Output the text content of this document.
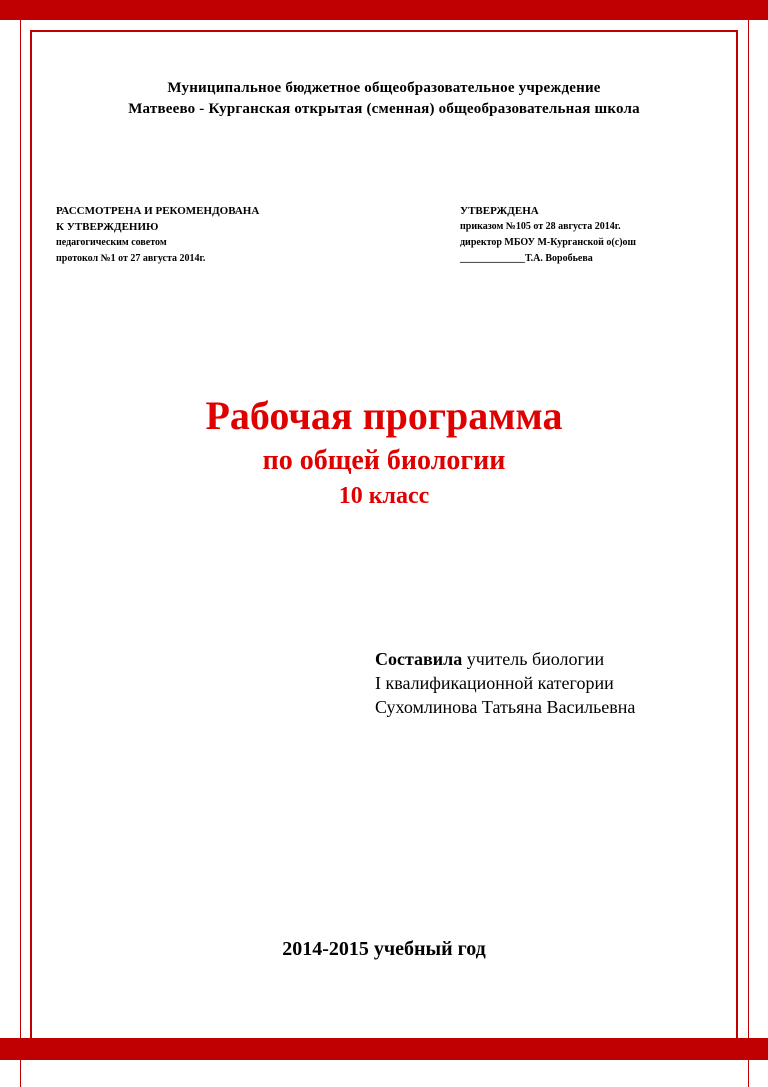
Муниципальное бюджетное общеобразовательное учреждение
Матвеево - Курганская открытая (сменная) общеобразовательная школа
РАССМОТРЕНА И РЕКОМЕНДОВАНА
К УТВЕРЖДЕНИЮ
педагогическим советом
протокол №1 от 27 августа 2014г.
УТВЕРЖДЕНА
приказом №105 от 28 августа 2014г.
директор МБОУ М-Курганской о(с)ош
_____________Т.А. Воробьева
Рабочая программа
по общей биологии
10 класс
Составила учитель биологии
I квалификационной категории
Сухомлинова Татьяна Васильевна
2014-2015 учебный год
